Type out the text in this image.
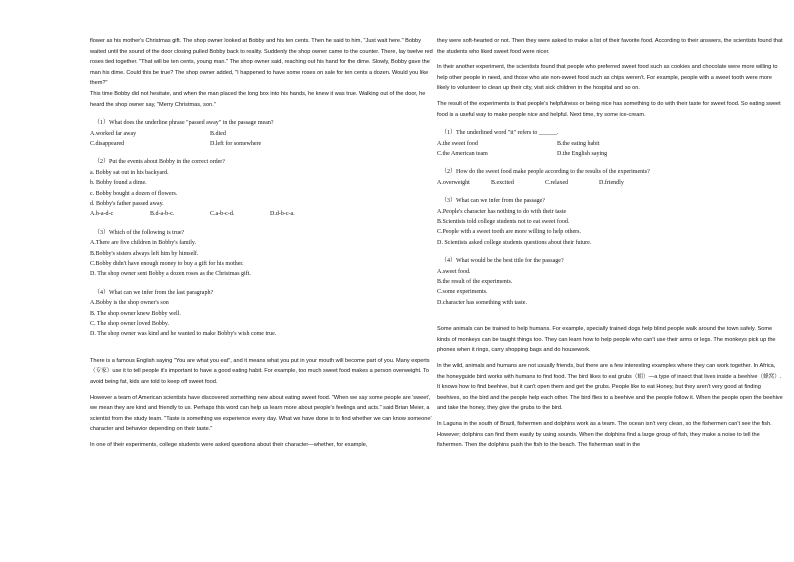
flower as his mother's Christmas gift. The shop owner looked at Bobby and his ten cents. Then he said to him, "Just wait here." Bobby waited until the sound of the door closing pulled Bobby back to reality. Suddenly the shop owner came to the counter. There, lay twelve red roses tied together. "That will be ten cents, young man." The shop owner said, reaching out his hand for the dime. Slowly, Bobby gave the man his dime. Could this be true? The shop owner added, "I happened to have some roses on sale for ten cents a dozen. Would you like them?"

This time Bobby did not hesitate, and when the man placed the long box into his hands, he knew it was true. Walking out of the door, he heard the shop owner say, "Merry Christmas, son."

（1）What does the underline phrase "passed away" in the passage mean?

A.worked far away	B.died
C.disappeared	D.left for somewhere

（2）Put the events about Bobby in the correct order?

a. Bobby sat out in his backyard.

b. Bobby found a dime.

c. Bobby bought a dozen of flowers.

d. Bobby's father passed away.

A.b-a-d-c	B.d-a-b-c.	C.a-b-c-d.	D.d-b-c-a.

（3）Which of the following is true?

A.There are five children in Bobby's family.

B.Bobby's sisters always left him by himself.

C.Bobby didn't have enough money to buy a gift for his mother.

D. The shop owner sent Bobby a dozen roses as the Christmas gift.

（4）What can we infer from the last paragraph?

A.Bobby is the shop owner's son

B. The shop owner knew Bobby well.

C. The shop owner loved Bobby.

D. The shop owner was kind and he wanted to make Bobby's wish come true.

There is a famous English saying "You are what you eat", and it means what you put in your mouth will become part of you. Many experts（专家）use it to tell people it's important to have a good eating habit. For example, too much sweet food makes a person overweight. To avoid being fat, kids are told to keep off sweet food.

However a team of American scientists have discovered something new about eating sweet food. "When we say some people are 'sweet', we mean they are kind and friendly to us. Perhaps this word can help us learn more about people's feelings and acts." said Brian Meier, a scientist from the study team. "Taste is something we experience every day. What we have done is to find whether we can know someone' character and behavior depending on their taste."

In one of their experiments, college students were asked questions about their character—whether, for example,

they were soft-hearted or not. Then they were asked to make a list of their favorite food. According to their answers, the scientists found that the students who liked sweet food were nicer.

In their another experiment, the scientists found that people who preferred sweet food such as cookies and chocolate were more willing to help other people in need, and those who ate non-sweet food such as chips weren't. For example, people with a sweet tooth were more likely to volunteer to clean up their city, visit sick children in the hospital and so on.

The result of the experiments is that people's helpfulness or being nice has something to do with their taste for sweet food. So eating sweet food is a useful way to make people nice and helpful. Next time, try some ice-cream.

（1）The underlined word "it" refers to ______.

A.the sweet food	B.the eating habit
C.the American team	D.the English saying

（2）How do the sweet food make people according to the results of the experiments?

A.overweight	B.excited	C.relaxed	D.friendly

（3）What can we infer from the passage?

A.People's character has nothing to do with their taste

B.Scientists told college students not to eat sweet food.

C.People with a sweet tooth are more willing to help others.

D. Scientists asked college students questions about their future.

（4）What would be the best title for the passage?

A.sweet food.

B.the result of the experiments.

C.some experiments.

D.character has something with taste.

Some animals can be trained to help humans. For example, specially trained dogs help blind people walk around the town safely. Some kinds of monkeys can be taught things too. They can learn how to help people who can't use their arms or legs. The monkeys pick up the phones when it rings, carry shopping bags and do housework.

In the wild, animals and humans are not usually friends, but there are a few interesting examples where they can work together. In Africa, the honeyguide bird works with humans to find food. The bird likes to eat grubs（蛆）—a type of insect that lives inside a beehive（蜂窝）. It knows how to find beehive, but it can't open them and get the grubs. People like to eat Honey, but they aren't very good at finding beehives, so the bird and the people help each other. The bird flies to a beehive and the people follow it. When the people open the beehive and take the honey, they give the grubs to the bird.

In Laguna in the south of Brazil, fishermen and dolphins work as a team. The ocean isn't very clean, so the fishermen can't see the fish. However; dolphins can find them easily by using sounds. When the dolphins find a large group of fish, they make a noise to tell the fishermen. Then the dolphins push the fish to the beach. The fisherman wait in the
